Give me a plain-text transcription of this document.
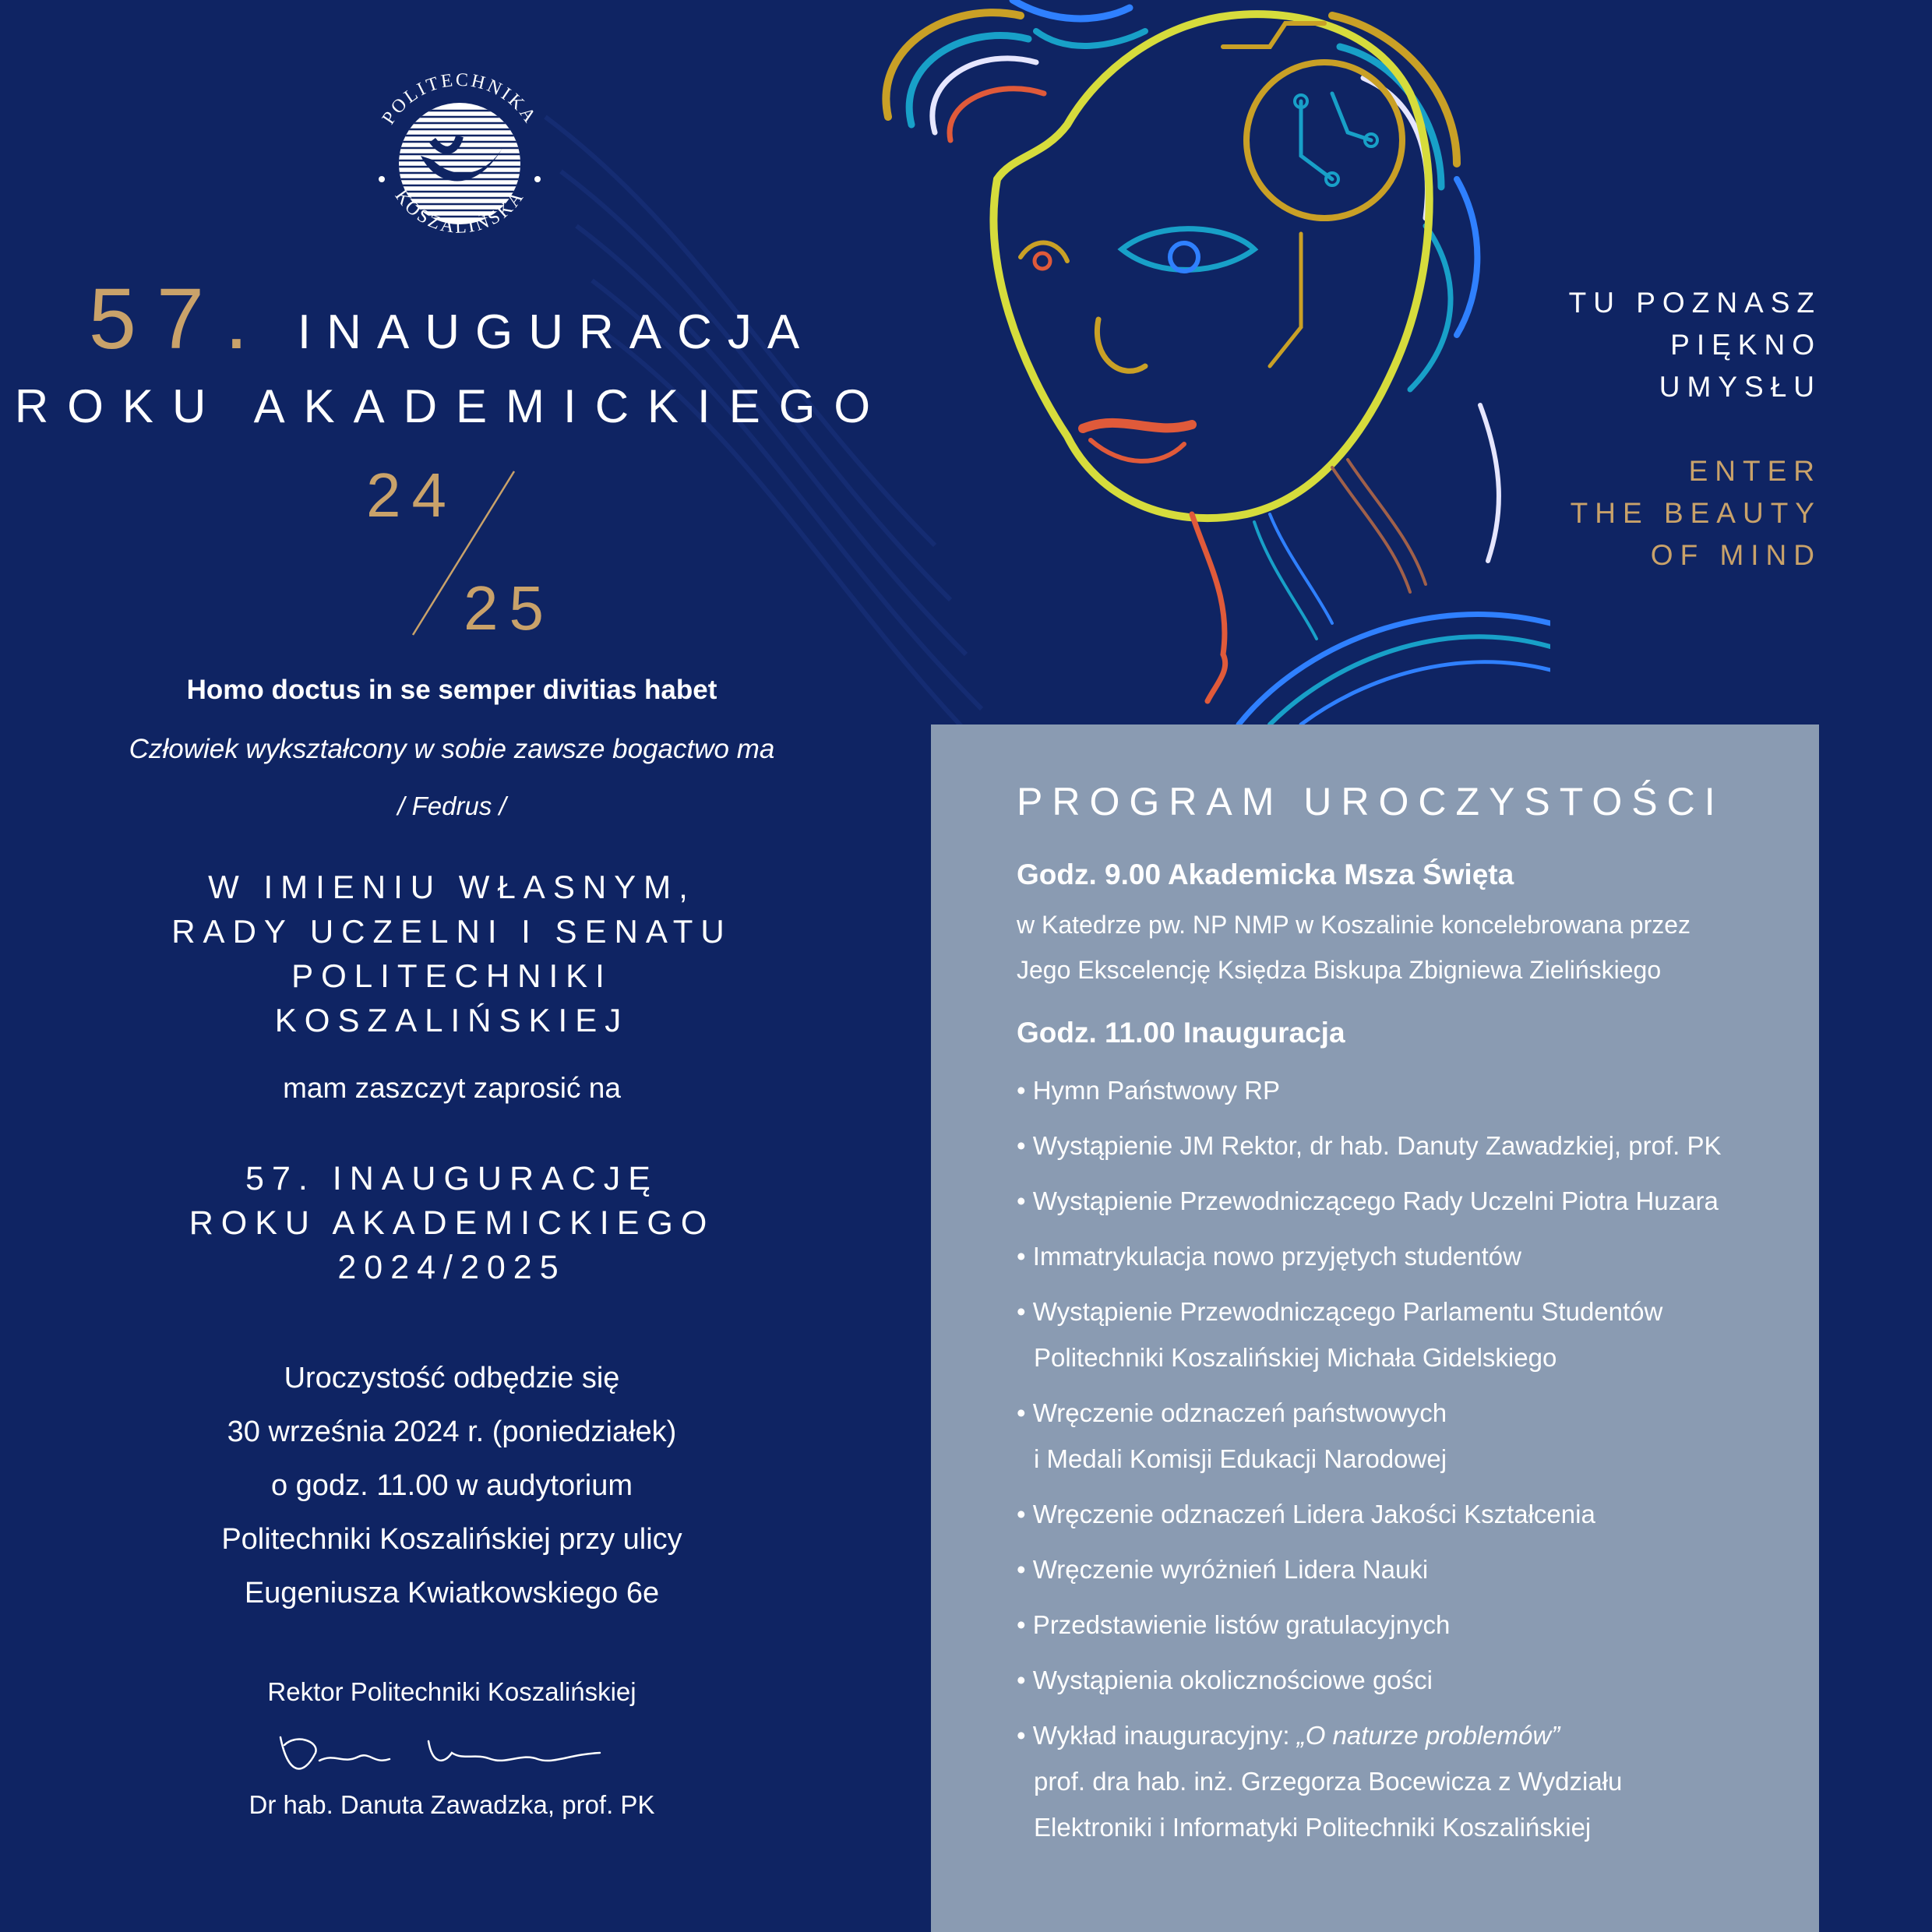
POLITECHNIKA
KOSZALIŃSKA
57. INAUGURACJA
ROKU AKADEMICKIEGO
24
25
Homo doctus in se semper divitias habet
Człowiek wykształcony w sobie zawsze bogactwo ma
/ Fedrus /
W IMIENIU WŁASNYM,
RADY UCZELNI I SENATU
POLITECHNIKI
KOSZALIŃSKIEJ
mam zaszczyt zaprosić na
57. INAUGURACJĘ
ROKU AKADEMICKIEGO
2024/2025
Uroczystość odbędzie się
30 września 2024 r. (poniedziałek)
o godz. 11.00 w audytorium
Politechniki Koszalińskiej przy ulicy
Eugeniusza Kwiatkowskiego 6e
Rektor Politechniki Koszalińskiej
Dr hab. Danuta Zawadzka, prof. PK
TU POZNASZ
PIĘKNO
UMYSŁU
ENTER
THE BEAUTY
OF MIND
PROGRAM UROCZYSTOŚCI
Godz. 9.00 Akademicka Msza Święta
w Katedrze pw. NP NMP w Koszalinie koncelebrowana przez
Jego Ekscelencję Księdza Biskupa Zbigniewa Zielińskiego
Godz. 11.00 Inauguracja
• Hymn Państwowy RP
• Wystąpienie JM Rektor, dr hab. Danuty Zawadzkiej, prof. PK
• Wystąpienie Przewodniczącego Rady Uczelni Piotra Huzara
• Immatrykulacja nowo przyjętych studentów
• Wystąpienie Przewodniczącego Parlamentu Studentów
Politechniki Koszalińskiej Michała Gidelskiego
• Wręczenie odznaczeń państwowych
i Medali Komisji Edukacji Narodowej
• Wręczenie odznaczeń Lidera Jakości Kształcenia
• Wręczenie wyróżnień Lidera Nauki
• Przedstawienie listów gratulacyjnych
• Wystąpienia okolicznościowe gości
• Wykład inauguracyjny: „O naturze problemów”
prof. dra hab. inż. Grzegorza Bocewicza z Wydziału
Elektroniki i Informatyki Politechniki Koszalińskiej
